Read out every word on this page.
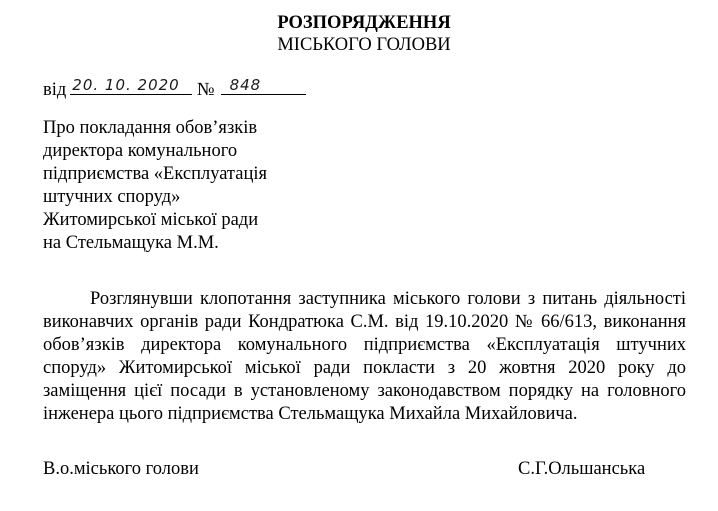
РОЗПОРЯДЖЕННЯ
МІСЬКОГО ГОЛОВИ
від 20. 10. 2020 № 848
Про покладання обов’язків
директора комунального
підприємства «Експлуатація
штучних споруд»
Житомирської міської ради
на Стельмащука М.М.
Розглянувши клопотання заступника міського голови з питань діяльності виконавчих органів ради Кондратюка С.М. від 19.10.2020 № 66/613, виконання обов’язків директора комунального підприємства «Експлуатація штучних споруд» Житомирської міської ради покласти з 20 жовтня 2020 року до заміщення цієї посади в установленому законодавством порядку на головного інженера цього підприємства Стельмащука Михайла Михайловича.
В.о.міського голови	С.Г.Ольшанська
